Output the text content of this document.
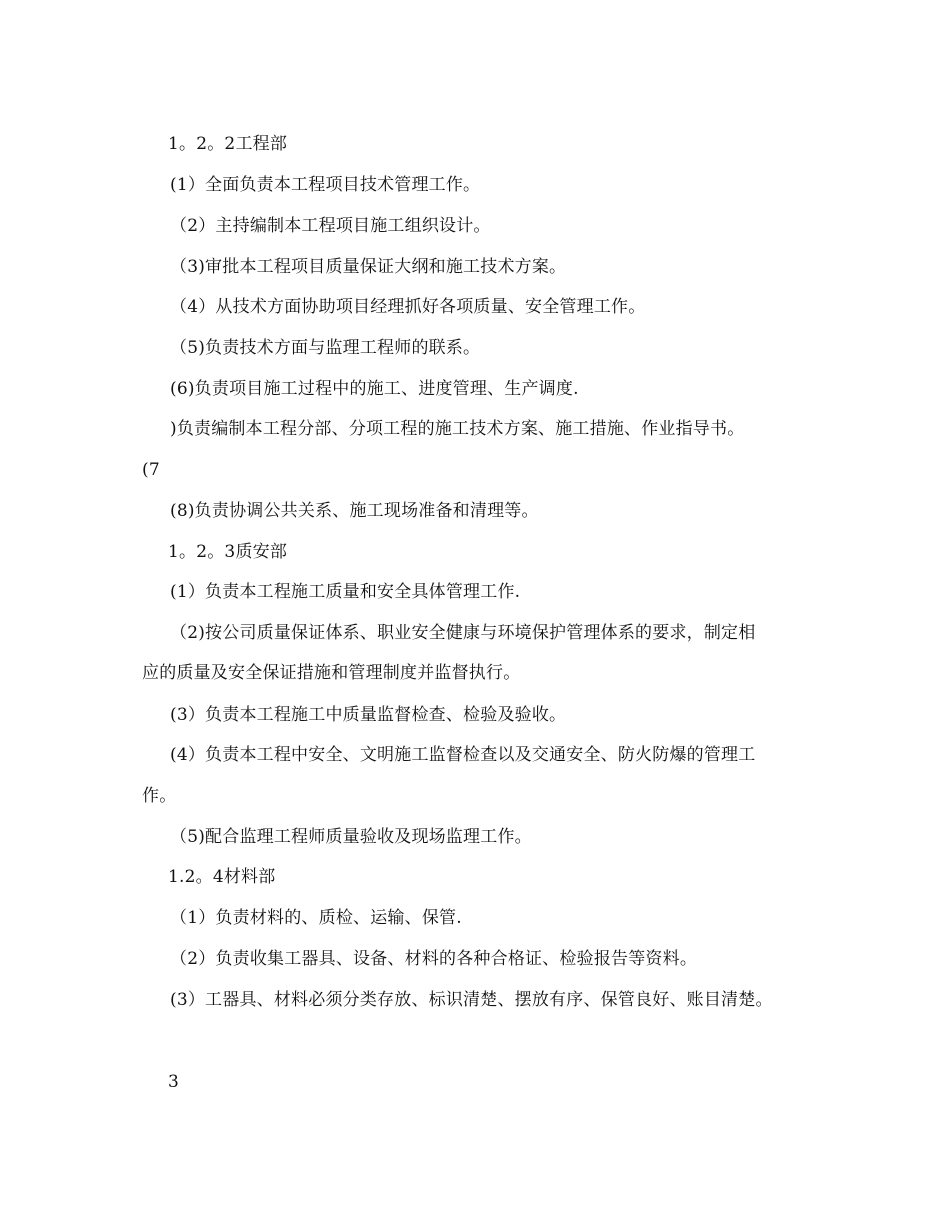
1。2。2工程部
(1）全面负责本工程项目技术管理工作。
（2）主持编制本工程项目施工组织设计。
（3)审批本工程项目质量保证大纲和施工技术方案。
（4）从技术方面协助项目经理抓好各项质量、安全管理工作。
（5)负责技术方面与监理工程师的联系。
(6)负责项目施工过程中的施工、进度管理、生产调度.
)负责编制本工程分部、分项工程的施工技术方案、施工措施、作业指导书。
(7
(8)负责协调公共关系、施工现场准备和清理等。
1。2。3质安部
(1）负责本工程施工质量和安全具体管理工作.
（2)按公司质量保证体系、职业安全健康与环境保护管理体系的要求，制定相
应的质量及安全保证措施和管理制度并监督执行。
(3）负责本工程施工中质量监督检查、检验及验收。
(4）负责本工程中安全、文明施工监督检查以及交通安全、防火防爆的管理工
作。
（5)配合监理工程师质量验收及现场监理工作。
1.2。4材料部
（1）负责材料的、质检、运输、保管.
（2）负责收集工器具、设备、材料的各种合格证、检验报告等资料。
(3）工器具、材料必须分类存放、标识清楚、摆放有序、保管良好、账目清楚。
3
